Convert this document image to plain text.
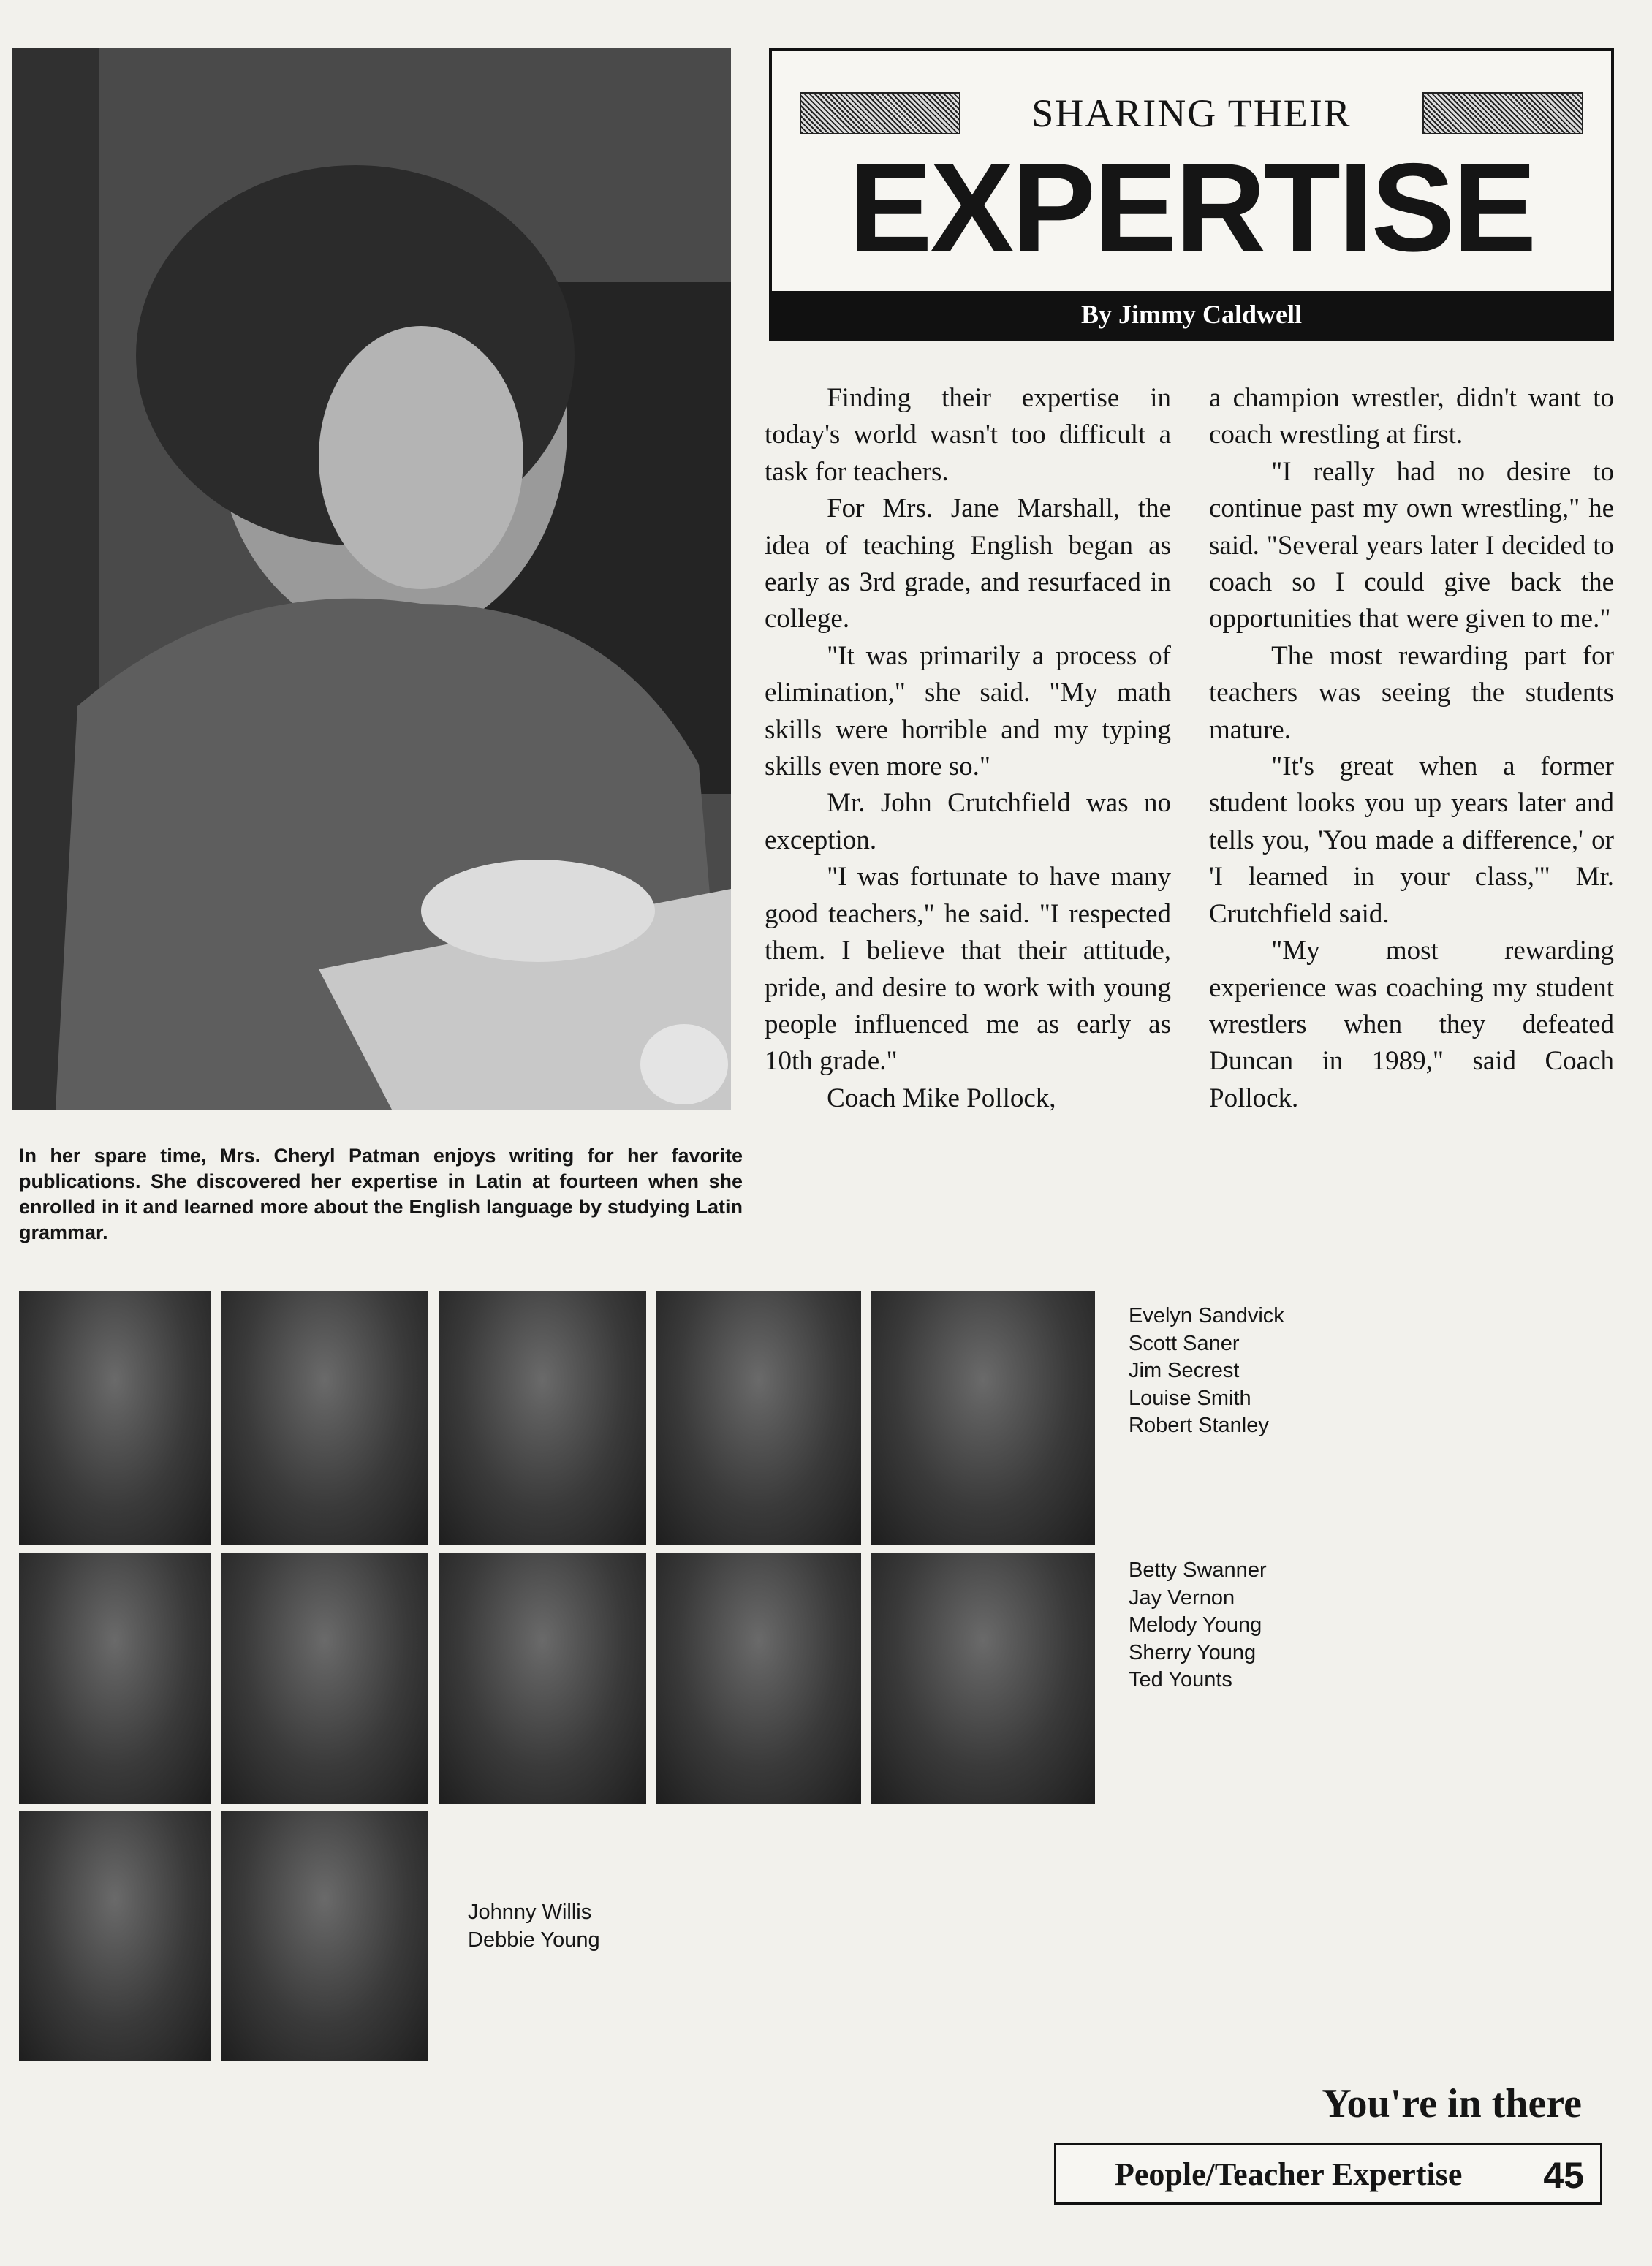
SHARING THEIR
EXPERTISE
By Jimmy Caldwell

Finding their expertise in today's world wasn't too difficult a task for teachers.

For Mrs. Jane Marshall, the idea of teaching English began as early as 3rd grade, and resurfaced in college.

"It was primarily a process of elimination," she said. "My math skills were horrible and my typing skills even more so."

Mr. John Crutchfield was no exception.

"I was fortunate to have many good teachers," he said. "I respected them. I believe that their attitude, pride, and desire to work with young people influenced me as early as 10th grade."

Coach Mike Pollock,

a champion wrestler, didn't want to coach wrestling at first.

"I really had no desire to continue past my own wrestling," he said. "Several years later I decided to coach so I could give back the opportunities that were given to me."

The most rewarding part for teachers was seeing the students mature.

"It's great when a former student looks you up years later and tells you, 'You made a difference,' or 'I learned in your class,'" Mr. Crutchfield said.

"My most rewarding experience was coaching my student wrestlers when they defeated Duncan in 1989," said Coach Pollock.

In her spare time, Mrs. Cheryl Patman enjoys writing for her favorite publications. She discovered her expertise in Latin at fourteen when she enrolled in it and learned more about the English language by studying Latin grammar.
Evelyn Sandvick
Scott Saner
Jim Secrest
Louise Smith
Robert Stanley
Betty Swanner
Jay Vernon
Melody Young
Sherry Young
Ted Younts
Johnny Willis
Debbie Young
You're in there
People/Teacher Expertise 45
